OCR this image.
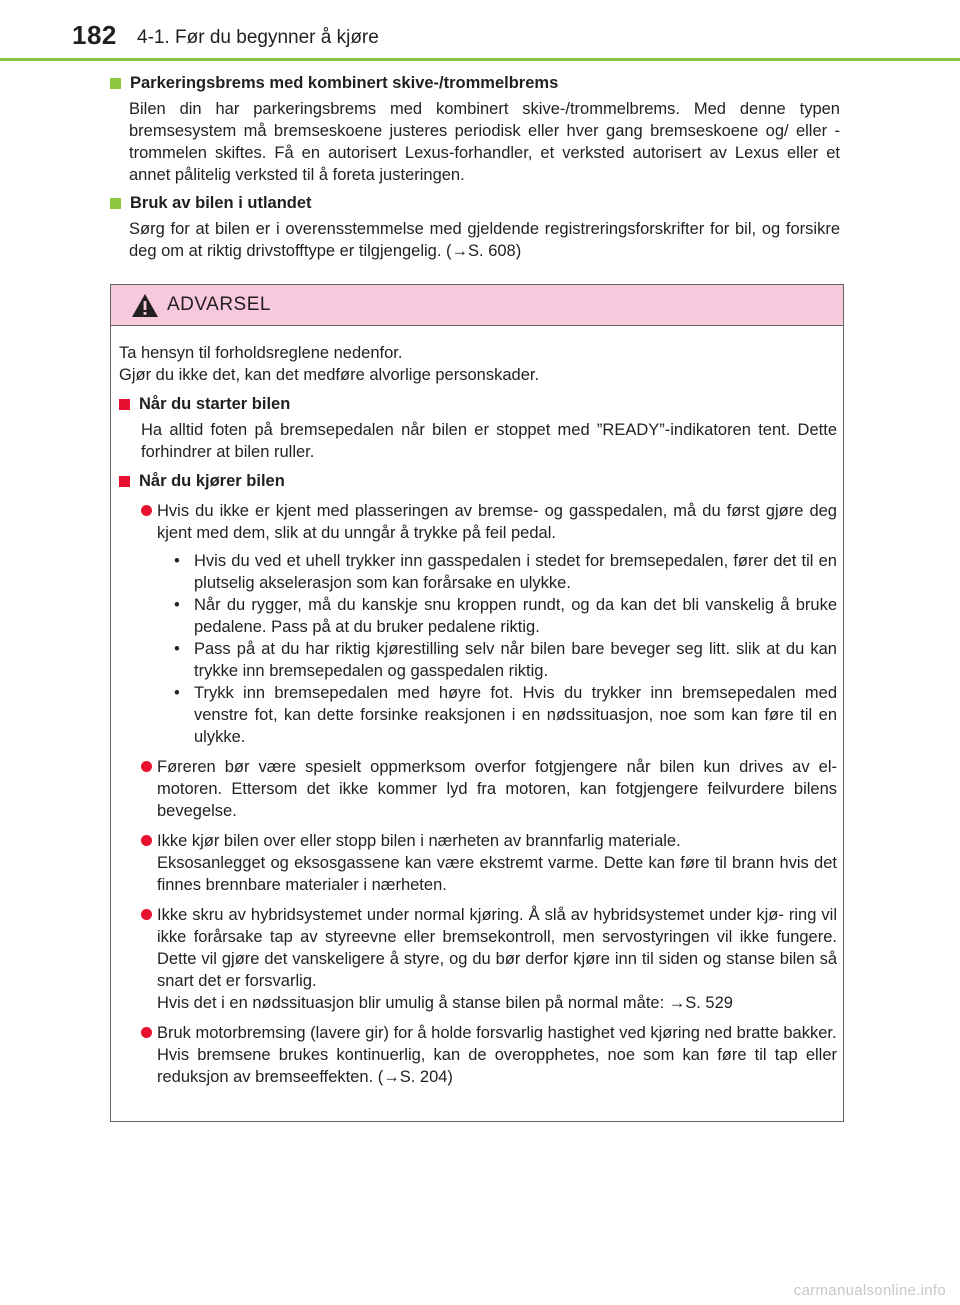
182 4-1. Før du begynner å kjøre
Parkeringsbrems med kombinert skive-/trommelbrems

Bilen din har parkeringsbrems med kombinert skive-/trommelbrems. Med denne typen bremsesystem må bremseskoene justeres periodisk eller hver gang bremseskoene og/ eller -trommelen skiftes. Få en autorisert Lexus-forhandler, et verksted autorisert av Lexus eller et annet pålitelig verksted til å foreta justeringen.

Bruk av bilen i utlandet

Sørg for at bilen er i overensstemmelse med gjeldende registreringsforskrifter for bil, og forsikre deg om at riktig drivstofftype er tilgjengelig. (→S. 608)

ADVARSEL

Ta hensyn til forholdsreglene nedenfor.
Gjør du ikke det, kan det medføre alvorlige personskader.

Når du starter bilen

Ha alltid foten på bremsepedalen når bilen er stoppet med ”READY”-indikatoren tent. Dette forhindrer at bilen ruller.

Når du kjører bilen
Hvis du ikke er kjent med plasseringen av bremse- og gasspedalen, må du først gjøre deg kjent med dem, slik at du unngår å trykke på feil pedal.
• Hvis du ved et uhell trykker inn gasspedalen i stedet for bremsepedalen, fører det til en plutselig akselerasjon som kan forårsake en ulykke.
• Når du rygger, må du kanskje snu kroppen rundt, og da kan det bli vanskelig å bruke pedalene. Pass på at du bruker pedalene riktig.
• Pass på at du har riktig kjørestilling selv når bilen bare beveger seg litt. slik at du kan trykke inn bremsepedalen og gasspedalen riktig.
• Trykk inn bremsepedalen med høyre fot. Hvis du trykker inn bremsepedalen med venstre fot, kan dette forsinke reaksjonen i en nødssituasjon, noe som kan føre til en ulykke.
Føreren bør være spesielt oppmerksom overfor fotgjengere når bilen kun drives av el-motoren. Ettersom det ikke kommer lyd fra motoren, kan fotgjengere feilvurdere bilens bevegelse.
Ikke kjør bilen over eller stopp bilen i nærheten av brannfarlig materiale.
Eksosanlegget og eksosgassene kan være ekstremt varme. Dette kan føre til brann hvis det finnes brennbare materialer i nærheten.
Ikke skru av hybridsystemet under normal kjøring. Å slå av hybridsystemet under kjø- ring vil ikke forårsake tap av styreevne eller bremsekontroll, men servostyringen vil ikke fungere. Dette vil gjøre det vanskeligere å styre, og du bør derfor kjøre inn til siden og stanse bilen så snart det er forsvarlig.
Hvis det i en nødssituasjon blir umulig å stanse bilen på normal måte: →S. 529
Bruk motorbremsing (lavere gir) for å holde forsvarlig hastighet ved kjøring ned bratte bakker.
Hvis bremsene brukes kontinuerlig, kan de overopphetes, noe som kan føre til tap eller reduksjon av bremseeffekten. (→S. 204)
carmanualsonline.info
